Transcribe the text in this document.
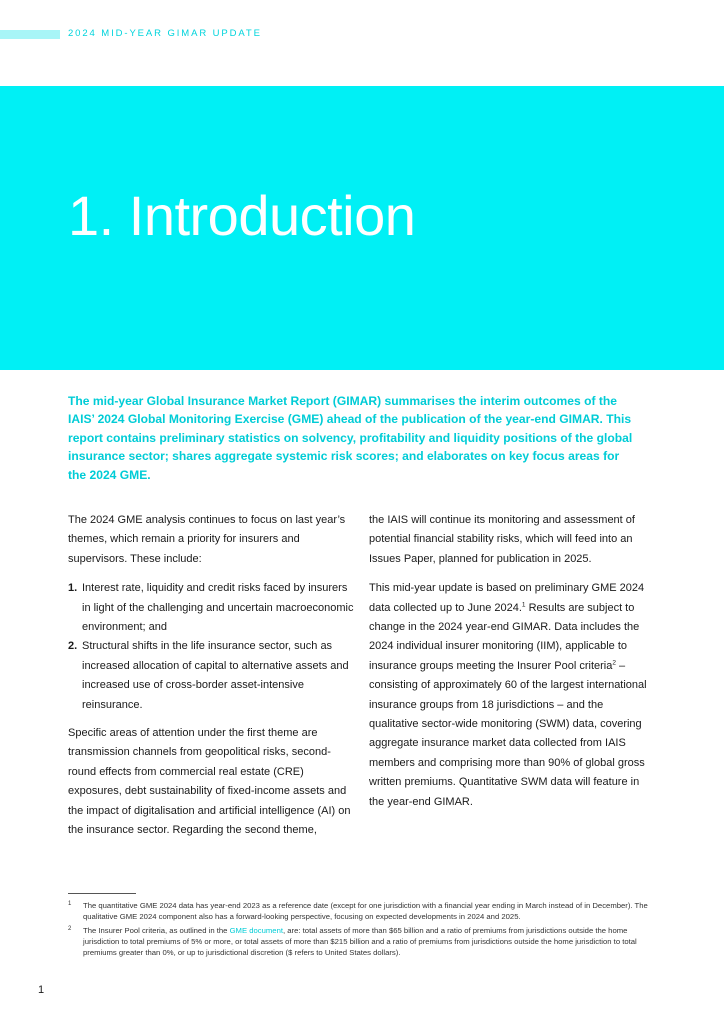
2024 MID-YEAR GIMAR UPDATE
1. Introduction

The mid-year Global Insurance Market Report (GIMAR) summarises the interim outcomes of the IAIS’ 2024 Global Monitoring Exercise (GME) ahead of the publication of the year-end GIMAR. This report contains preliminary statistics on solvency, profitability and liquidity positions of the global insurance sector; shares aggregate systemic risk scores; and elaborates on key focus areas for the 2024 GME.

The 2024 GME analysis continues to focus on last year’s themes, which remain a priority for insurers and supervisors. These include:

1. Interest rate, liquidity and credit risks faced by insurers in light of the challenging and uncertain macroeconomic environment; and
2. Structural shifts in the life insurance sector, such as increased allocation of capital to alternative assets and increased use of cross-border asset-intensive reinsurance.

Specific areas of attention under the first theme are transmission channels from geopolitical risks, second-round effects from commercial real estate (CRE) exposures, debt sustainability of fixed-income assets and the impact of digitalisation and artificial intelligence (AI) on the insurance sector. Regarding the second theme,

the IAIS will continue its monitoring and assessment of potential financial stability risks, which will feed into an Issues Paper, planned for publication in 2025.

This mid-year update is based on preliminary GME 2024 data collected up to June 2024.$^1$ Results are subject to change in the 2024 year-end GIMAR. Data includes the 2024 individual insurer monitoring (IIM), applicable to insurance groups meeting the Insurer Pool criteria$^2$ – consisting of approximately 60 of the largest international insurance groups from 18 jurisdictions – and the qualitative sector-wide monitoring (SWM) data, covering aggregate insurance market data collected from IAIS members and comprising more than 90% of global gross written premiums. Quantitative SWM data will feature in the year-end GIMAR.

1 The quantitative GME 2024 data has year-end 2023 as a reference date (except for one jurisdiction with a financial year ending in March instead of in December). The qualitative GME 2024 component also has a forward-looking perspective, focusing on expected developments in 2024 and 2025.

2 The Insurer Pool criteria, as outlined in the GME document, are: total assets of more than $65 billion and a ratio of premiums from jurisdictions outside the home jurisdiction to total premiums of 5% or more, or total assets of more than $215 billion and a ratio of premiums from jurisdictions outside the home jurisdiction to total premiums greater than 0%, or up to jurisdictional discretion ($ refers to United States dollars).

1
